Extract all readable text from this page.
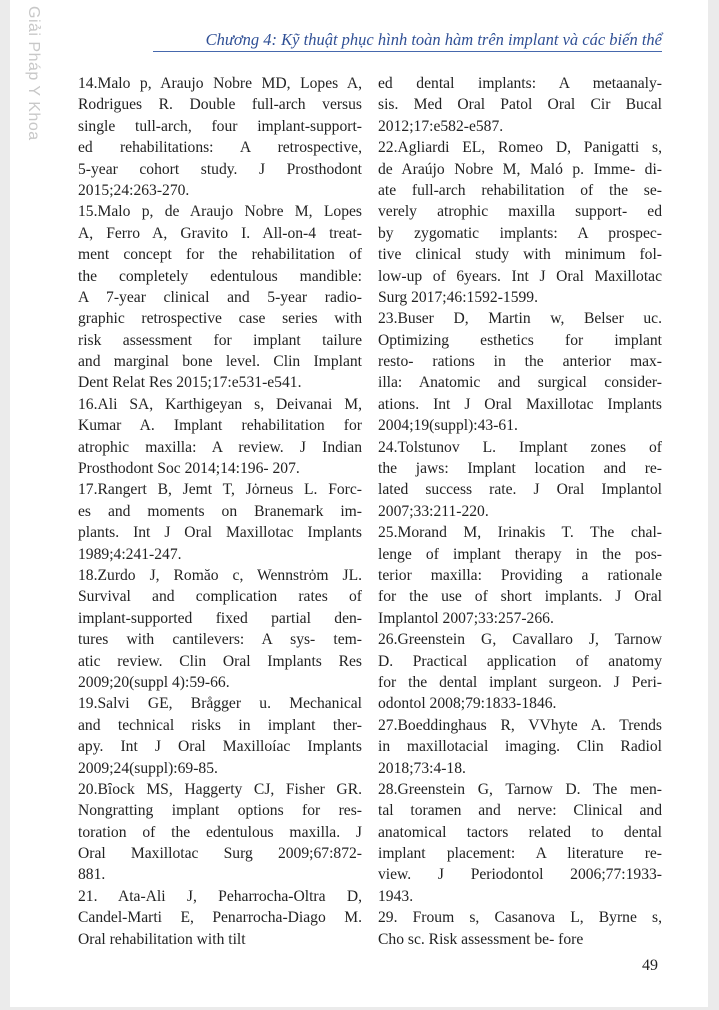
Giải Pháp Y Khoa	Chương 4: Kỹ thuật phục hình toàn hàm trên implant và các biến thể
14.Malo p, Araujo Nobre MD, Lopes A,
Rodrigues R. Double full-arch versus
single tull-arch, four implant-support-
ed rehabilitations: A retrospective,
5-year cohort study. J Prosthodont
2015;24:263-270.
15.Malo p, de Araujo Nobre M, Lopes
A, Ferro A, Gravito I. All-on-4 treat-
ment concept for the rehabilitation of
the completely edentulous mandible:
A 7-year clinical and 5-year radio-
graphic retrospective case series with
risk assessment for implant tailure
and marginal bone level. Clin Implant
Dent Relat Res 2015;17:e531-e541.
16.Ali SA, Karthigeyan s, Deivanai M,
Kumar A. Implant rehabilitation for
atrophic maxilla: A review. J Indian
Prosthodont Soc 2014;14:196- 207.
17.Rangert B, Jemt T, Jȯrneus L. Forc-
es and moments on Branemark im-
plants. Int J Oral Maxillotac Implants
1989;4:241-247.
18.Zurdo J, Romăo c, Wennstrȯm JL.
Survival and complication rates of
implant-supported fixed partial den-
tures with cantilevers: A sys- tem-
atic review. Clin Oral Implants Res
2009;20(suppl 4):59-66.
19.Salvi GE, Brågger u. Mechanical
and technical risks in implant ther-
apy. Int J Oral Maxilloíac Implants
2009;24(suppl):69-85.
20.Bȋock MS, Haggerty CJ, Fisher GR.
Nongratting implant options for res-
toration of the edentulous maxilla. J
Oral Maxillotac Surg 2009;67:872-
881.
21. Ata-Ali J, Peharrocha-Oltra D,
Candel-Marti E, Penarrocha-Diago M.
Oral rehabilitation with tilt
ed dental implants: A metaanaly-
sis. Med Oral Patol Oral Cir Bucal
2012;17:e582-e587.
22.Agliardi EL, Romeo D, Panigatti s,
de Araújo Nobre M, Maló p. Imme- di-
ate full-arch rehabilitation of the se-
verely atrophic maxilla support- ed
by zygomatic implants: A prospec-
tive clinical study with minimum fol-
low-up of 6years. Int J Oral Maxillotac
Surg 2017;46:1592-1599.
23.Buser D, Martin w, Belser uc.
Optimizing esthetics for implant
resto- rations in the anterior max-
illa: Anatomic and surgical consider-
ations. Int J Oral Maxillotac Implants
2004;19(suppl):43-61.
24.Tolstunov L. Implant zones of
the jaws: Implant location and re-
lated success rate. J Oral Implantol
2007;33:211-220.
25.Morand M, Irinakis T. The chal-
lenge of implant therapy in the pos-
terior maxilla: Providing a rationale
for the use of short implants. J Oral
Implantol 2007;33:257-266.
26.Greenstein G, Cavallaro J, Tarnow
D. Practical application of anatomy
for the dental implant surgeon. J Peri-
odontol 2008;79:1833-1846.
27.Boeddinghaus R, VVhyte A. Trends
in maxillotacial imaging. Clin Radiol
2018;73:4-18.
28.Greenstein G, Tarnow D. The men-
tal toramen and nerve: Clinical and
anatomical tactors related to dental
implant placement: A literature re-
view. J Periodontol 2006;77:1933-
1943.
29. Froum s, Casanova L, Byrne s,
Cho sc. Risk assessment be- fore
49
